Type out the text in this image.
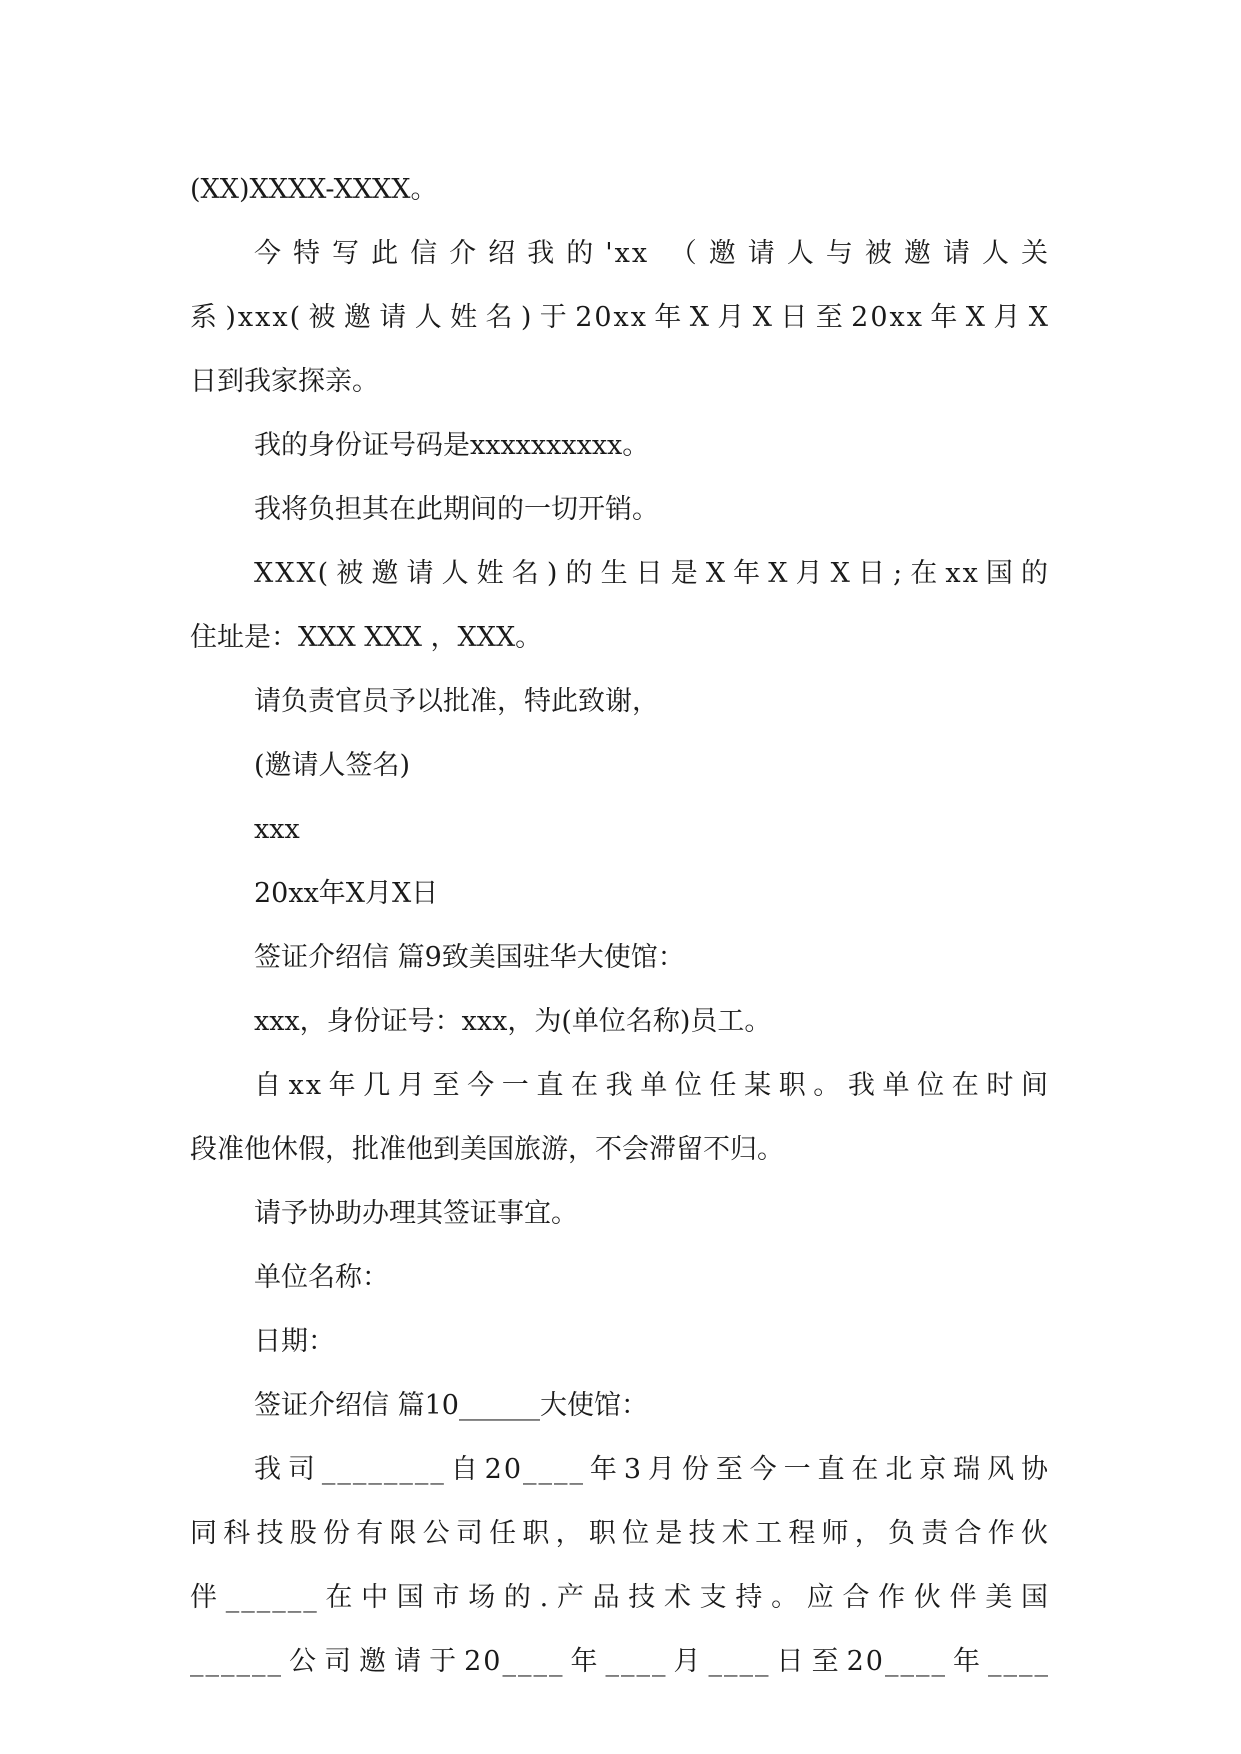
(XX)XXXX-XXXX。
今特写此信介绍我的'xx （邀请人与被邀请人关
系)xxx(被邀请人姓名)于20xx年X月X日至20xx年X月X
日到我家探亲。
我的身份证号码是xxxxxxxxxx。
我将负担其在此期间的一切开销。
XXX(被邀请人姓名)的生日是X年X月X日;在xx国的
住址是：XXX XXX ，XXX。
请负责官员予以批准，特此致谢，
(邀请人签名)
xxx
20xx年X月X日
签证介绍信 篇9致美国驻华大使馆：
xxx，身份证号：xxx，为(单位名称)员工。
自xx年几月至今一直在我单位任某职。我单位在时间
段准他休假，批准他到美国旅游，不会滞留不归。
请予协助办理其签证事宜。
单位名称：
日期：
签证介绍信 篇10______大使馆：
我司________自20____年3月份至今一直在北京瑞风协
同科技股份有限公司任职，职位是技术工程师，负责合作伙
伴______在中国市场的.产品技术支持。应合作伙伴美国
______公司邀请于20____年____月____日至20____年____
